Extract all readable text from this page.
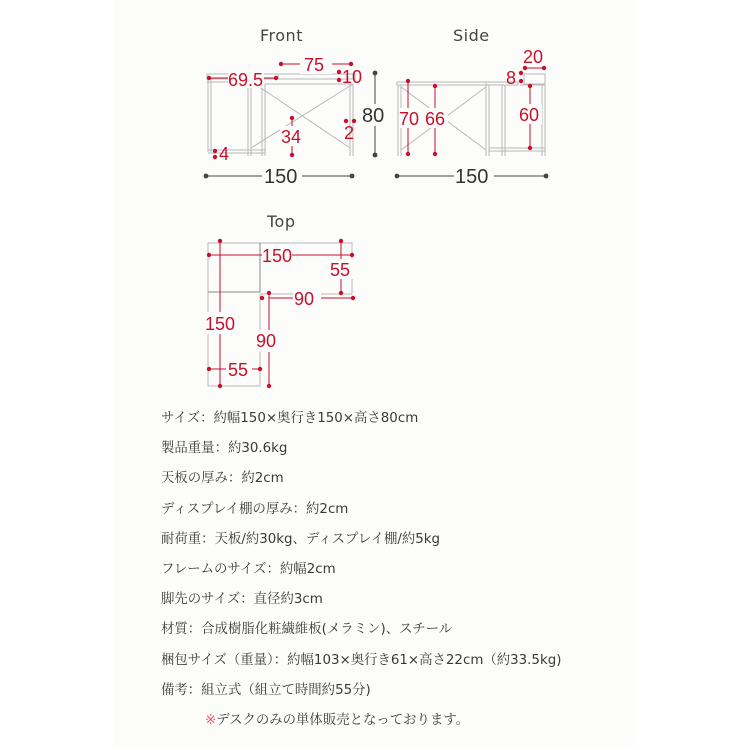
Front
75
69.5	10
34 2
4
80
150
Side
70 66
20
8
60
150
Top
150
55
90
150
90
55
サイズ：約幅150×奥行き150×高さ80cm
製品重量：約30.6kg
天板の厚み：約2cm
ディスプレイ棚の厚み：約2cm
耐荷重：天板/約30kg、ディスプレイ棚/約5kg
フレームのサイズ：約幅2cm
脚先のサイズ：直径約3cm
材質：合成樹脂化粧繊維板(メラミン)、スチール
梱包サイズ（重量）：約幅103×奥行き61×高さ22cm（約33.5kg)
備考：組立式（組立て時間約55分)
※デスクのみの単体販売となっております。
